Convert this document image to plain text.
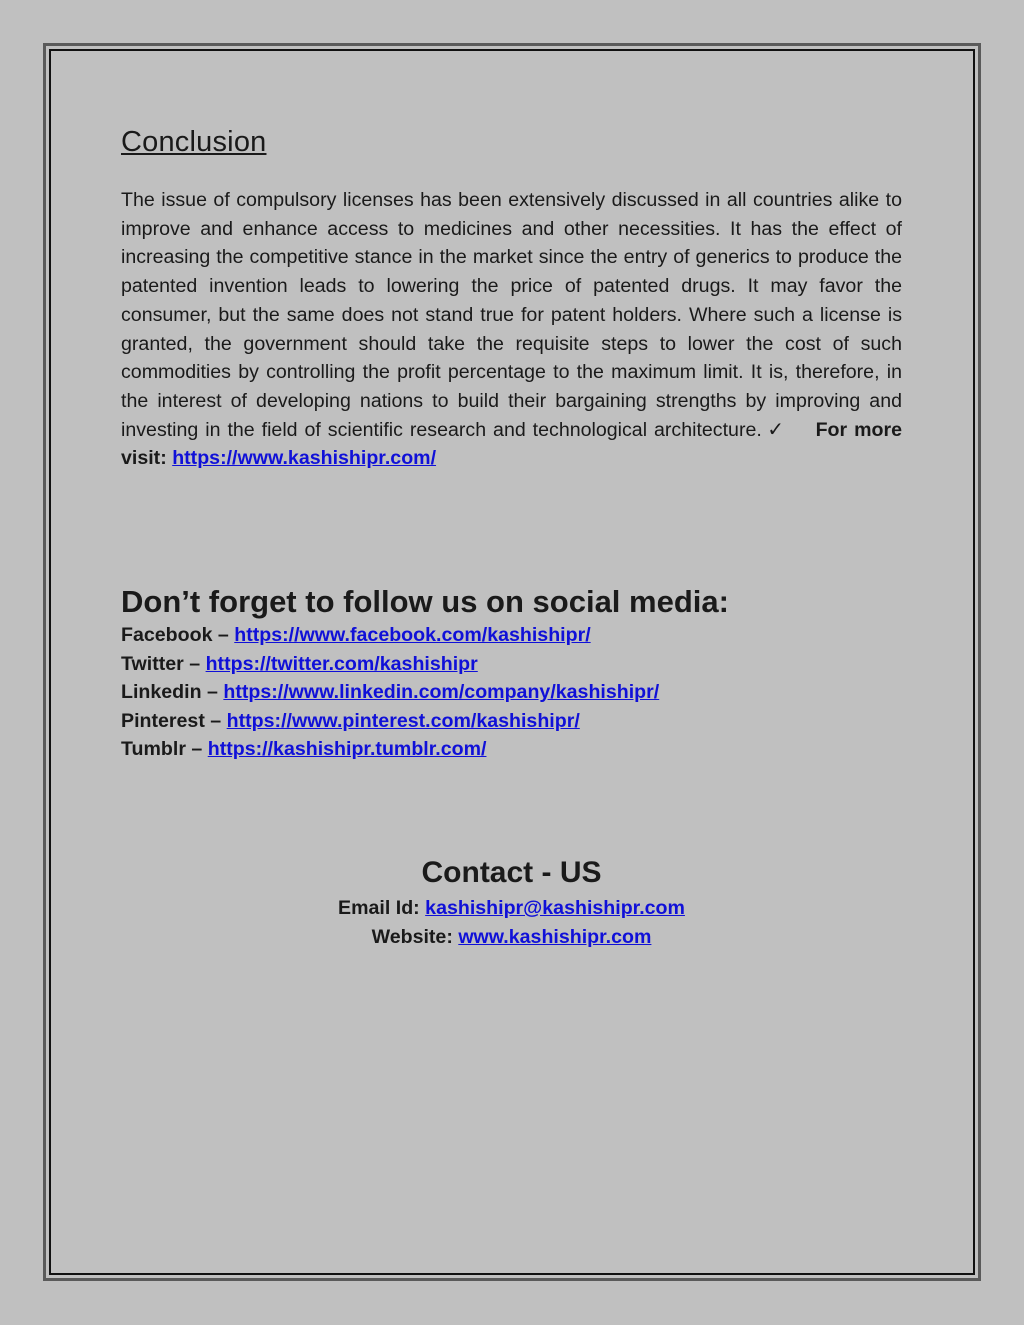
Conclusion

The issue of compulsory licenses has been extensively discussed in all countries alike to improve and enhance access to medicines and other necessities. It has the effect of increasing the competitive stance in the market since the entry of generics to produce the patented invention leads to lowering the price of patented drugs. It may favor the consumer, but the same does not stand true for patent holders. Where such a license is granted, the government should take the requisite steps to lower the cost of such commodities by controlling the profit percentage to the maximum limit. It is, therefore, in the interest of developing nations to build their bargaining strengths by improving and investing in the field of scientific research and technological architecture. ✓ For more visit: https://www.kashishipr.com/

Don’t forget to follow us on social media:
Facebook – https://www.facebook.com/kashishipr/
Twitter – https://twitter.com/kashishipr
Linkedin – https://www.linkedin.com/company/kashishipr/
Pinterest – https://www.pinterest.com/kashishipr/
Tumblr – https://kashishipr.tumblr.com/
Contact - US
Email Id: kashishipr@kashishipr.com
Website: www.kashishipr.com
